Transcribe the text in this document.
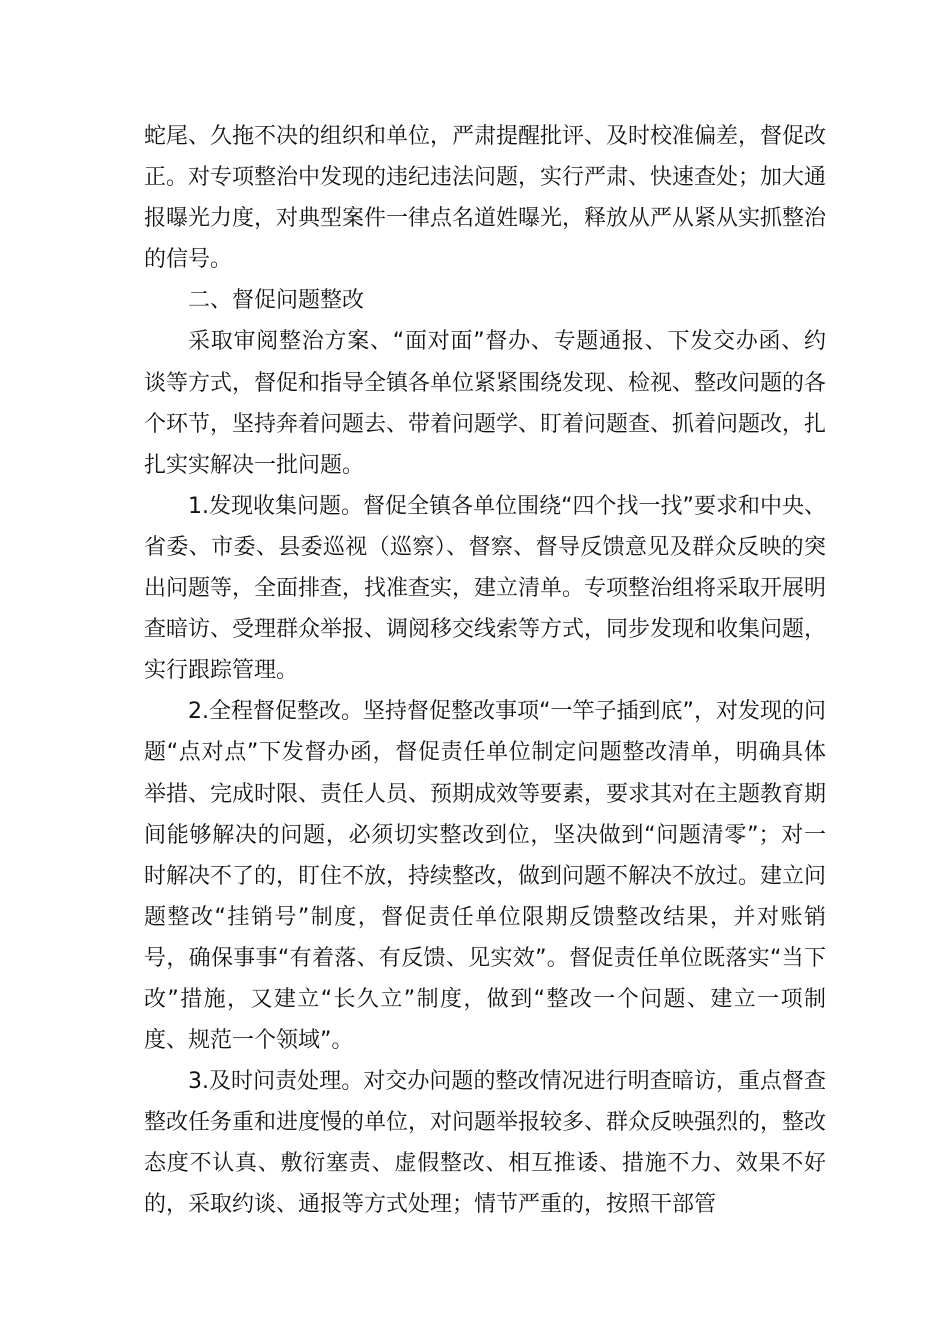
蛇尾、久拖不决的组织和单位，严肃提醒批评、及时校准偏差，督促改正。对专项整治中发现的违纪违法问题，实行严肃、快速查处；加大通报曝光力度，对典型案件一律点名道姓曝光，释放从严从紧从实抓整治的信号。

二、督促问题整改

采取审阅整治方案、“面对面”督办、专题通报、下发交办函、约谈等方式，督促和指导全镇各单位紧紧围绕发现、检视、整改问题的各个环节，坚持奔着问题去、带着问题学、盯着问题查、抓着问题改，扎扎实实解决一批问题。

1.发现收集问题。督促全镇各单位围绕“四个找一找”要求和中央、省委、市委、县委巡视（巡察）、督察、督导反馈意见及群众反映的突出问题等，全面排查，找准查实，建立清单。专项整治组将采取开展明查暗访、受理群众举报、调阅移交线索等方式，同步发现和收集问题，实行跟踪管理。

2.全程督促整改。坚持督促整改事项“一竿子插到底”，对发现的问题“点对点”下发督办函，督促责任单位制定问题整改清单，明确具体举措、完成时限、责任人员、预期成效等要素，要求其对在主题教育期间能够解决的问题，必须切实整改到位，坚决做到“问题清零”；对一时解决不了的，盯住不放，持续整改，做到问题不解决不放过。建立问题整改“挂销号”制度，督促责任单位限期反馈整改结果，并对账销号，确保事事“有着落、有反馈、见实效”。督促责任单位既落实“当下改”措施，又建立“长久立”制度，做到“整改一个问题、建立一项制度、规范一个领域”。

3.及时问责处理。对交办问题的整改情况进行明查暗访，重点督查整改任务重和进度慢的单位，对问题举报较多、群众反映强烈的，整改态度不认真、敷衍塞责、虚假整改、相互推诿、措施不力、效果不好的，采取约谈、通报等方式处理；情节严重的，按照干部管
